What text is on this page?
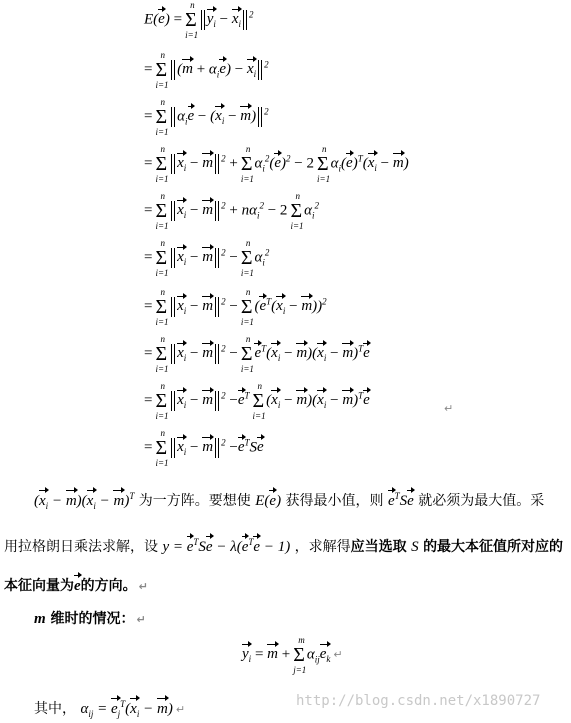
E(e) = Σ
n
i=1
$y_i - x_i^2$
= Σ
n
i=1
$(m + \alpha_ie) - x_i^2$
= Σ
n
i=1
$\alpha_ie - (x_i - m)$ $^2$
= Σ
n
i=1
$x_i - m$ $^2$ + Σ
n
i=1
$\alpha_i^2(e)^2 - 2$ Σ
n
i=1
$\alpha_i(e)^T(x_i - m)$
= Σ
n
i=1
$x_i - m$ $^2 + n\alpha_i^2 - 2$ Σ
n
i=1
$\alpha_i^2$
= Σ
n
i=1
$x_i - m$ $^2$ − Σ
n
i=1
$\alpha_i^2$
= Σ
n
i=1
$x_i - m$ $^2$ − Σ
n
i=1
$(e^T(x_i - m))^2$
= Σ
n
i=1
$x_i - m$ $^2$ − Σ
n
i=1
$e^T(x_i - m)(x_i - m)^Te$
= Σ
n
i=1
$x_i - m$ $^2 -e^T$ Σ
n
i=1
$(x_i - m)(x_i - m)^Te$
↵
= Σ
n
i=1
$x_i - m$ $^2 -e^TSe$
$(x_i - m)(x_i - m)^T$ 为一方阵。要想使 E(e) 获得最小值，则 $e^TSe$ 就必须为最大值。采
用拉格朗日乘法求解，设 $y = e^TSe - \lambda(e^Te - 1)$ ，求解得应当选取 S 的最大本征值所对应的
本征向量为e的方向。 ↵
m 维时的情况： ↵
$y_i = m + \Sigma$
m
j=1
$\alpha_{ij}e_k$ ↵
其中， $\alpha_{ij} = e_j^T(x_i - m)$ ↵
http://blog.csdn.net/x1890727
